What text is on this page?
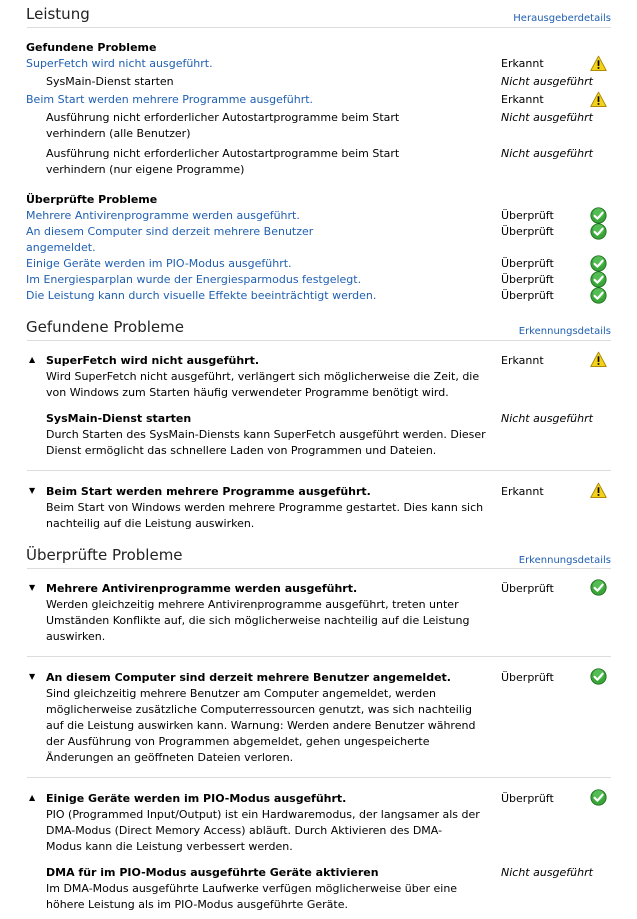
Leistung	Herausgeberdetails
Gefundene Probleme
SuperFetch wird nicht ausgeführt.	Erkannt
SysMain-Dienst starten	Nicht ausgeführt
Beim Start werden mehrere Programme ausgeführt.	Erkannt
Ausführung nicht erforderlicher Autostartprogramme beim Start
verhindern (alle Benutzer)
Nicht ausgeführt
Ausführung nicht erforderlicher Autostartprogramme beim Start
verhindern (nur eigene Programme)
Nicht ausgeführt
Überprüfte Probleme
Mehrere Antivirenprogramme werden ausgeführt.	Überprüft
An diesem Computer sind derzeit mehrere Benutzer
angemeldet.
Überprüft
Einige Geräte werden im PIO-Modus ausgeführt.	Überprüft
Im Energiesparplan wurde der Energiesparmodus festgelegt.	Überprüft
Die Leistung kann durch visuelle Effekte beeinträchtigt werden.	Überprüft
Gefundene Probleme	Erkennungsdetails
▲ SuperFetch wird nicht ausgeführt.	Erkannt
Wird SuperFetch nicht ausgeführt, verlängert sich möglicherweise die Zeit, die
von Windows zum Starten häufig verwendeter Programme benötigt wird.
SysMain-Dienst starten	Nicht ausgeführt
Durch Starten des SysMain-Diensts kann SuperFetch ausgeführt werden. Dieser
Dienst ermöglicht das schnellere Laden von Programmen und Dateien.
▼ Beim Start werden mehrere Programme ausgeführt.	Erkannt
Beim Start von Windows werden mehrere Programme gestartet. Dies kann sich
nachteilig auf die Leistung auswirken.
Überprüfte Probleme	Erkennungsdetails
▼ Mehrere Antivirenprogramme werden ausgeführt.	Überprüft
Werden gleichzeitig mehrere Antivirenprogramme ausgeführt, treten unter
Umständen Konflikte auf, die sich möglicherweise nachteilig auf die Leistung
auswirken.
▼ An diesem Computer sind derzeit mehrere Benutzer angemeldet.	Überprüft
Sind gleichzeitig mehrere Benutzer am Computer angemeldet, werden
möglicherweise zusätzliche Computerressourcen genutzt, was sich nachteilig
auf die Leistung auswirken kann. Warnung: Werden andere Benutzer während
der Ausführung von Programmen abgemeldet, gehen ungespeicherte
Änderungen an geöffneten Dateien verloren.
▲ Einige Geräte werden im PIO-Modus ausgeführt.	Überprüft
PIO (Programmed Input/Output) ist ein Hardwaremodus, der langsamer als der
DMA-Modus (Direct Memory Access) abläuft. Durch Aktivieren des DMA-
Modus kann die Leistung verbessert werden.
DMA für im PIO-Modus ausgeführte Geräte aktivieren	Nicht ausgeführt
Im DMA-Modus ausgeführte Laufwerke verfügen möglicherweise über eine
höhere Leistung als im PIO-Modus ausgeführte Geräte.
